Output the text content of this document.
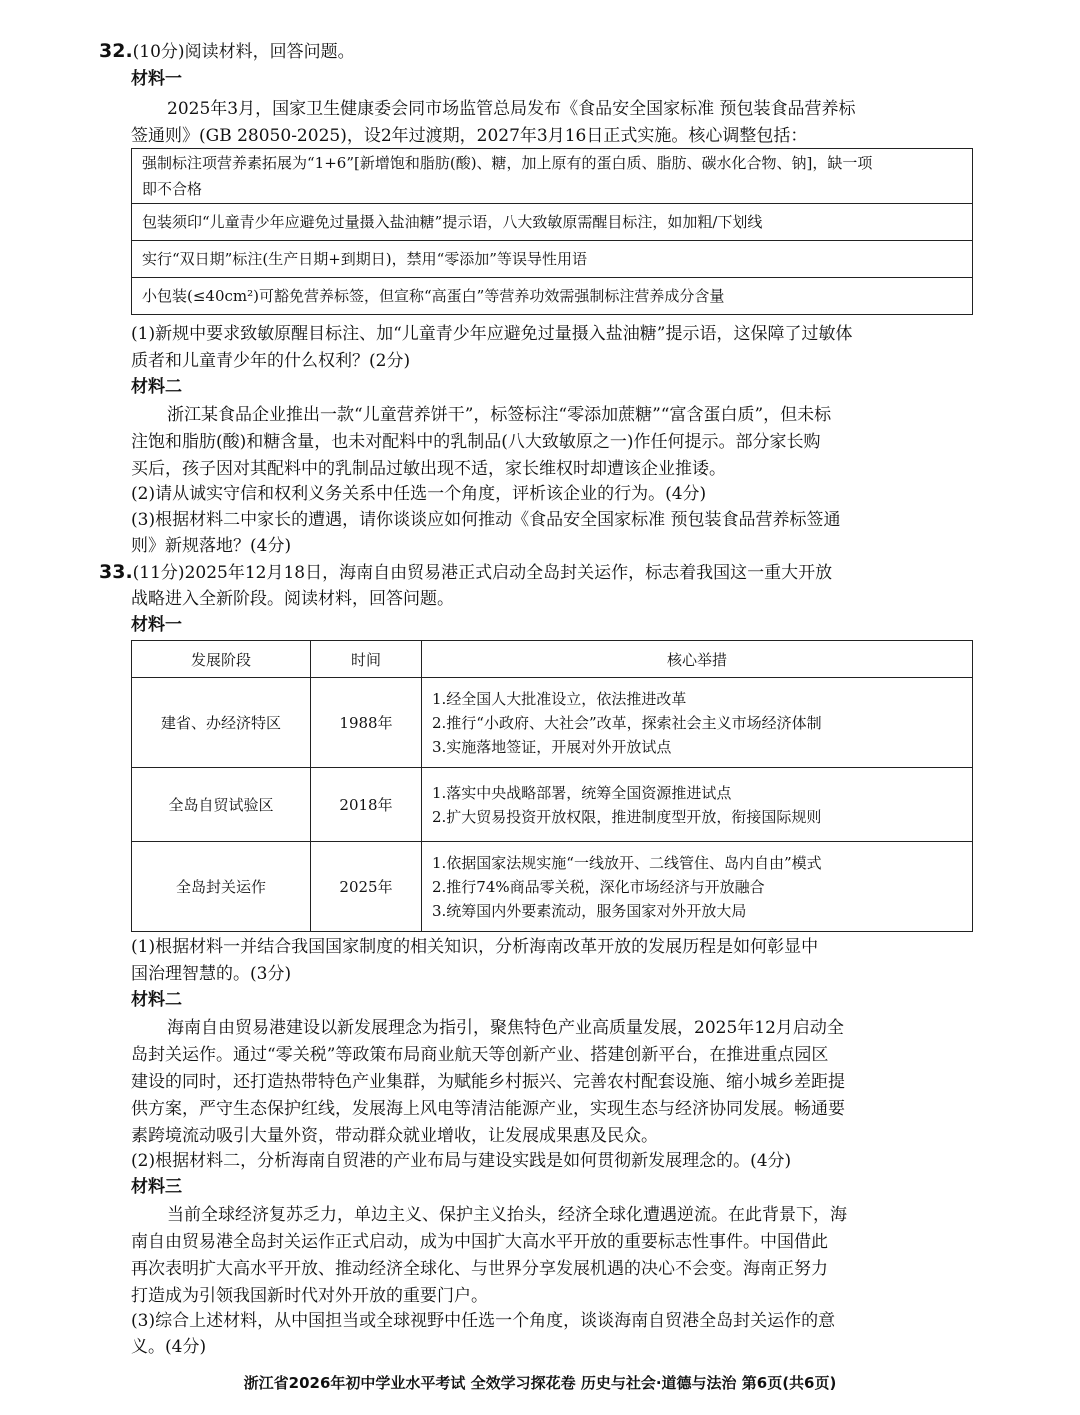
32.(10分)阅读材料，回答问题。
材料一
2025年3月，国家卫生健康委会同市场监管总局发布《食品安全国家标准 预包装食品营养标
签通则》(GB 28050-2025)，设2年过渡期，2027年3月16日正式实施。核心调整包括：
强制标注项营养素拓展为“1+6”[新增饱和脂肪(酸)、糖，加上原有的蛋白质、脂肪、碳水化合物、钠]，缺一项
即不合格

包装须印“儿童青少年应避免过量摄入盐油糖”提示语，八大致敏原需醒目标注，如加粗/下划线
实行“双日期”标注(生产日期+到期日)，禁用“零添加”等误导性用语
小包装(≤40cm²)可豁免营养标签，但宣称“高蛋白”等营养功效需强制标注营养成分含量
(1)新规中要求致敏原醒目标注、加“儿童青少年应避免过量摄入盐油糖”提示语，这保障了过敏体
质者和儿童青少年的什么权利？(2分)
材料二
浙江某食品企业推出一款“儿童营养饼干”，标签标注“零添加蔗糖”“富含蛋白质”，但未标
注饱和脂肪(酸)和糖含量，也未对配料中的乳制品(八大致敏原之一)作任何提示。部分家长购
买后，孩子因对其配料中的乳制品过敏出现不适，家长维权时却遭该企业推诿。
(2)请从诚实守信和权利义务关系中任选一个角度，评析该企业的行为。(4分)
(3)根据材料二中家长的遭遇，请你谈谈应如何推动《食品安全国家标准 预包装食品营养标签通
则》新规落地？(4分)
33.(11分)2025年12月18日，海南自由贸易港正式启动全岛封关运作，标志着我国这一重大开放
战略进入全新阶段。阅读材料，回答问题。
材料一
发展阶段	时间	核心举措
建省、办经济特区	1988年	1.经全国人大批准设立，依法推进改革
2.推行“小政府、大社会”改革，探索社会主义市场经济体制
3.实施落地签证，开展对外开放试点

全岛自贸试验区	2018年	1.落实中央战略部署，统筹全国资源推进试点
2.扩大贸易投资开放权限，推进制度型开放，衔接国际规则

全岛封关运作	2025年	1.依据国家法规实施“一线放开、二线管住、岛内自由”模式
2.推行74%商品零关税，深化市场经济与开放融合
3.统筹国内外要素流动，服务国家对外开放大局
(1)根据材料一并结合我国国家制度的相关知识，分析海南改革开放的发展历程是如何彰显中
国治理智慧的。(3分)
材料二
海南自由贸易港建设以新发展理念为指引，聚焦特色产业高质量发展，2025年12月启动全
岛封关运作。通过“零关税”等政策布局商业航天等创新产业、搭建创新平台，在推进重点园区
建设的同时，还打造热带特色产业集群，为赋能乡村振兴、完善农村配套设施、缩小城乡差距提
供方案，严守生态保护红线，发展海上风电等清洁能源产业，实现生态与经济协同发展。畅通要
素跨境流动吸引大量外资，带动群众就业增收，让发展成果惠及民众。
(2)根据材料二，分析海南自贸港的产业布局与建设实践是如何贯彻新发展理念的。(4分)
材料三
当前全球经济复苏乏力，单边主义、保护主义抬头，经济全球化遭遇逆流。在此背景下，海
南自由贸易港全岛封关运作正式启动，成为中国扩大高水平开放的重要标志性事件。中国借此
再次表明扩大高水平开放、推动经济全球化、与世界分享发展机遇的决心不会变。海南正努力
打造成为引领我国新时代对外开放的重要门户。
(3)综合上述材料，从中国担当或全球视野中任选一个角度，谈谈海南自贸港全岛封关运作的意
义。(4分)
浙江省2026年初中学业水平考试 全效学习探花卷 历史与社会·道德与法治 第6页(共6页)
